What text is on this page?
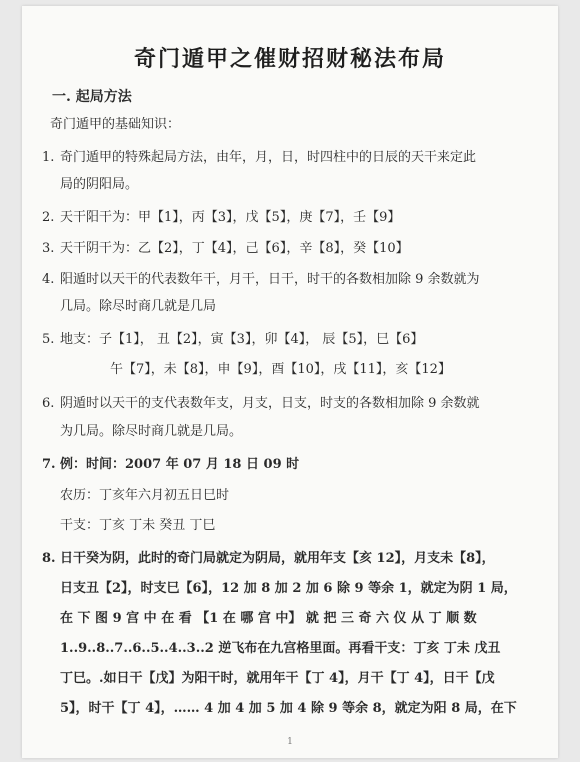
奇门遁甲之催财招财秘法布局
一. 起局方法
奇门遁甲的基础知识：
1. 奇门遁甲的特殊起局方法，由年，月，日，时四柱中的日辰的天干来定此
局的阴阳局。
2. 天干阳干为：甲【1】，丙【3】，戊【5】，庚【7】，壬【9】
3. 天干阴干为：乙【2】，丁【4】，己【6】，辛【8】，癸【10】
4. 阳遁时以天干的代表数年干，月干，日干，时干的各数相加除 9 余数就为
几局。除尽时商几就是几局
5. 地支：子【1】， 丑【2】，寅【3】，卯【4】， 辰【5】，巳【6】
午【7】，未【8】，申【9】，酉【10】，戌【11】，亥【12】
6. 阴遁时以天干的支代表数年支，月支，日支，时支的各数相加除 9 余数就
为几局。除尽时商几就是几局。
7. 例：时间：2007 年 07 月 18 日 09 时
农历：丁亥年六月初五日巳时
干支：丁亥 丁未 癸丑 丁巳
8. 日干癸为阴，此时的奇门局就定为阴局，就用年支【亥 12】，月支未【8】，
日支丑【2】，时支巳【6】，12 加 8 加 2 加 6 除 9 等余 1，就定为阴 1 局，
在 下 图 9 宫 中 在 看 【1 在 哪 宫 中】 就 把 三 奇 六 仪 从 丁 顺 数
1..9..8..7..6..5..4..3..2 逆飞布在九宫格里面。再看干支：丁亥 丁未 戊丑
丁巳。.如日干【戊】为阳干时，就用年干【丁 4】，月干【丁 4】，日干【戊
5】，时干【丁 4】，…… 4 加 4 加 5 加 4 除 9 等余 8，就定为阳 8 局，在下
1
